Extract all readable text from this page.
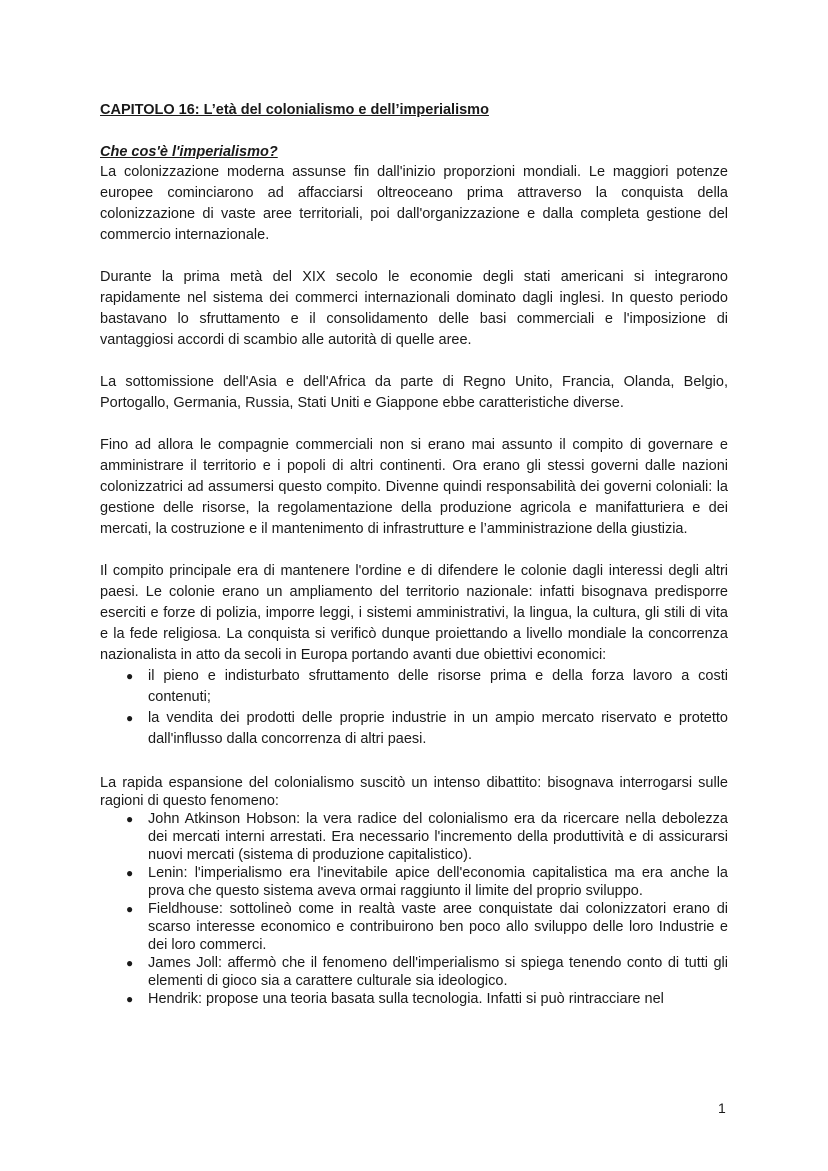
CAPITOLO 16: L’età del colonialismo e dell’imperialismo
Che cos'è l'imperialismo?

La colonizzazione moderna assunse fin dall'inizio proporzioni mondiali. Le maggiori potenze europee cominciarono ad affacciarsi oltreoceano prima attraverso la conquista della colonizzazione di vaste aree territoriali, poi dall'organizzazione e dalla completa gestione del commercio internazionale.

Durante la prima metà del XIX secolo le economie degli stati americani si integrarono rapidamente nel sistema dei commerci internazionali dominato dagli inglesi. In questo periodo bastavano lo sfruttamento e il consolidamento delle basi commerciali e l'imposizione di vantaggiosi accordi di scambio alle autorità di quelle aree.

La sottomissione dell'Asia e dell'Africa da parte di Regno Unito, Francia, Olanda, Belgio, Portogallo, Germania, Russia, Stati Uniti e Giappone ebbe caratteristiche diverse.

Fino ad allora le compagnie commerciali non si erano mai assunto il compito di governare e amministrare il territorio e i popoli di altri continenti. Ora erano gli stessi governi dalle nazioni colonizzatrici ad assumersi questo compito. Divenne quindi responsabilità dei governi coloniali: la gestione delle risorse, la regolamentazione della produzione agricola e manifatturiera e dei mercati, la costruzione e il mantenimento di infrastrutture e l’amministrazione della giustizia.

Il compito principale era di mantenere l'ordine e di difendere le colonie dagli interessi degli altri paesi. Le colonie erano un ampliamento del territorio nazionale: infatti bisognava predisporre eserciti e forze di polizia, imporre leggi, i sistemi amministrativi, la lingua, la cultura, gli stili di vita e la fede religiosa. La conquista si verificò dunque proiettando a livello mondiale la concorrenza nazionalista in atto da secoli in Europa portando avanti due obiettivi economici:

● il pieno e indisturbato sfruttamento delle risorse prima e della forza lavoro a costi contenuti;
● la vendita dei prodotti delle proprie industrie in un ampio mercato riservato e protetto dall'influsso dalla concorrenza di altri paesi.

La rapida espansione del colonialismo suscitò un intenso dibattito: bisognava interrogarsi sulle ragioni di questo fenomeno:

● John Atkinson Hobson: la vera radice del colonialismo era da ricercare nella debolezza dei mercati interni arrestati. Era necessario l'incremento della produttività e di assicurarsi nuovi mercati (sistema di produzione capitalistico).
● Lenin: l'imperialismo era l'inevitabile apice dell'economia capitalistica ma era anche la prova che questo sistema aveva ormai raggiunto il limite del proprio sviluppo.
● Fieldhouse: sottolineò come in realtà vaste aree conquistate dai colonizzatori erano di scarso interesse economico e contribuirono ben poco allo sviluppo delle loro Industrie e dei loro commerci.
● James Joll: affermò che il fenomeno dell'imperialismo si spiega tenendo conto di tutti gli elementi di gioco sia a carattere culturale sia ideologico.
● Hendrik: propose una teoria basata sulla tecnologia. Infatti si può rintracciare nel
1
